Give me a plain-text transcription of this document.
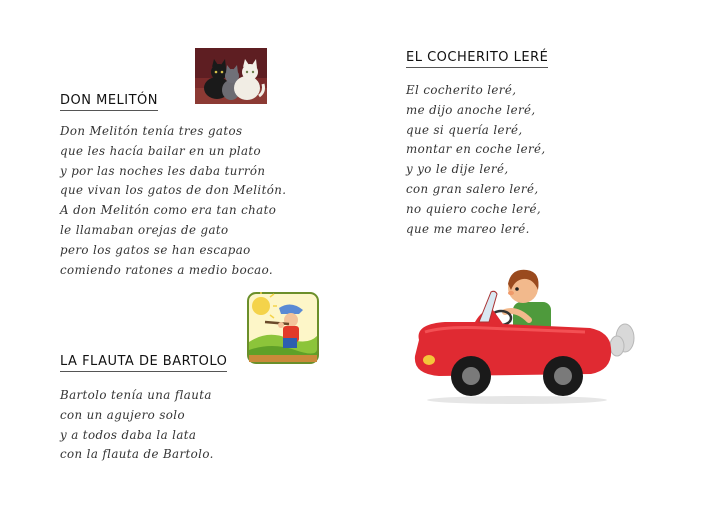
DON MELITÓN
Don Melitón tenía tres gatos
que les hacía bailar en un plato
y por las noches les daba turrón
que vivan los gatos de don Melitón.
A don Melitón como era tan chato
le llamaban orejas de gato
pero los gatos se han escapao
comiendo ratones a medio bocao.
LA FLAUTA DE BARTOLO
Bartolo tenía una flauta
con un agujero solo
y a todos daba la lata
con la flauta de Bartolo.
EL COCHERITO LERÉ
El cocherito leré,
me dijo anoche leré,
que si quería leré,
montar en coche leré,
y yo le dije leré,
con gran salero leré,
no quiero coche leré,
que me mareo leré.
